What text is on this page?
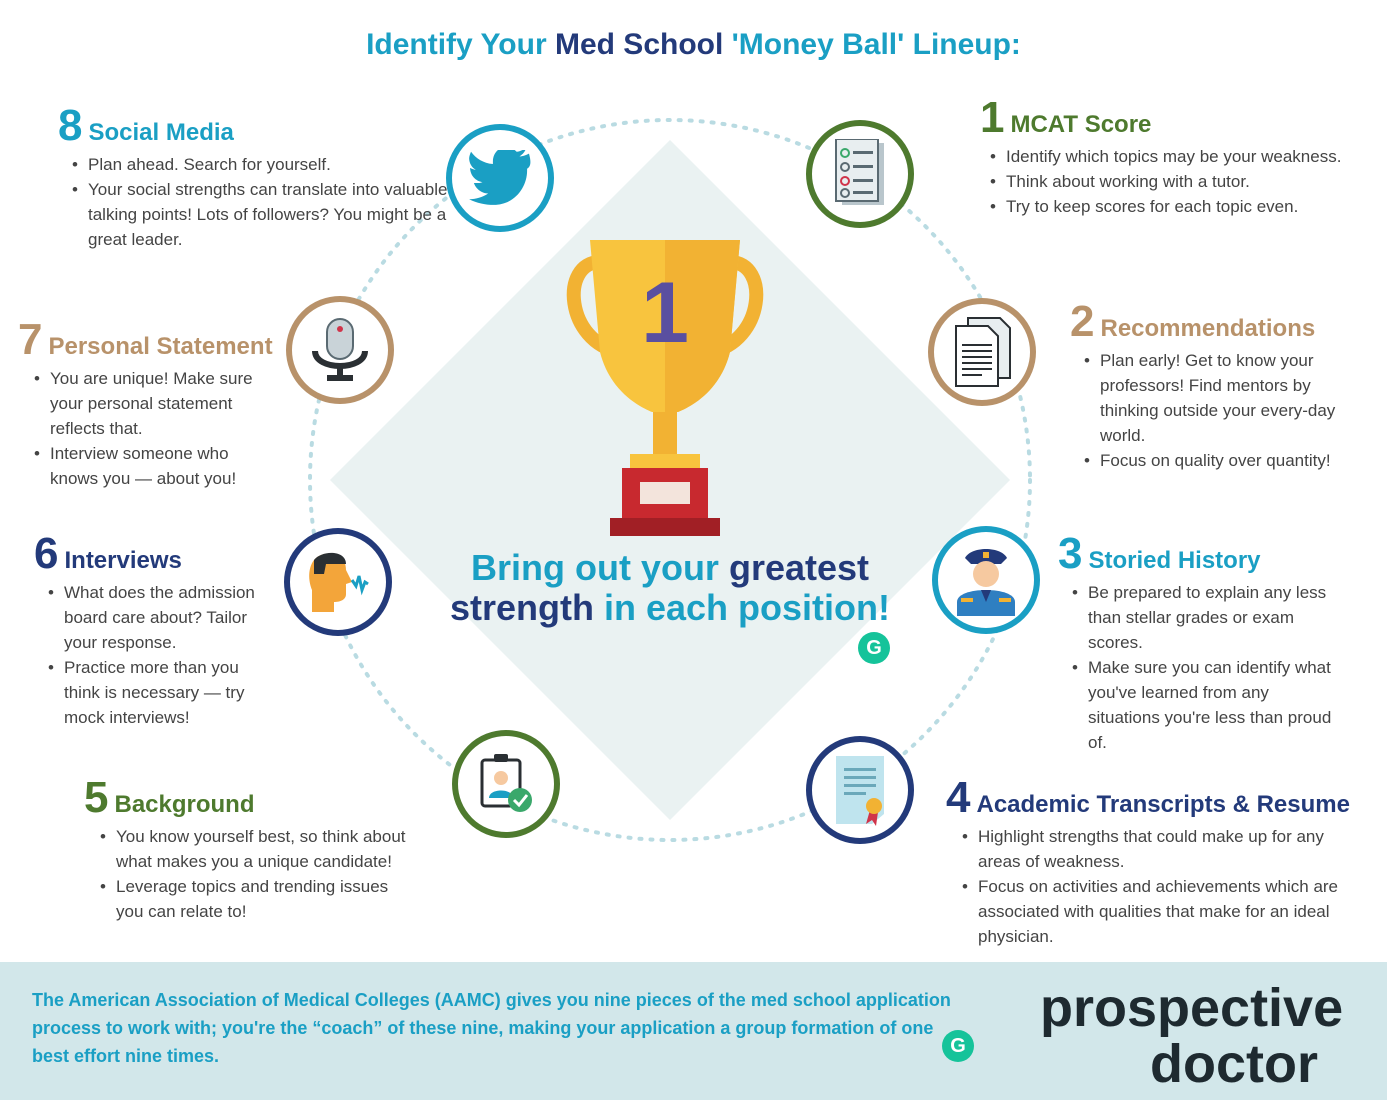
Identify Your Med School 'Money Ball' Lineup:
1
Bring out your greatest strength in each position!
G
8 Social Media
• Plan ahead. Search for yourself.
• Your social strengths can translate into valuable talking points! Lots of followers? You might be a great leader.
1 MCAT Score
• Identify which topics may be your weakness.
• Think about working with a tutor.
• Try to keep scores for each topic even.
7 Personal Statement
• You are unique! Make sure your personal statement reflects that.
• Interview someone who knows you — about you!
2 Recommendations
• Plan early! Get to know your professors! Find mentors by thinking outside your every-day world.
• Focus on quality over quantity!
6 Interviews
• What does the admission board care about? Tailor your response.
• Practice more than you think is necessary — try mock interviews!
3 Storied History
• Be prepared to explain any less than stellar grades or exam scores.
• Make sure you can identify what you've learned from any situations you're less than proud of.
5 Background
• You know yourself best, so think about what makes you a unique candidate!
• Leverage topics and trending issues you can relate to!
4 Academic Transcripts & Resume
• Highlight strengths that could make up for any areas of weakness.
• Focus on activities and achievements which are associated with qualities that make for an ideal physician.
The American Association of Medical Colleges (AAMC) gives you nine pieces of the med school application process to work with; you're the “coach” of these nine, making your application a group formation of one best effort nine times.	G
prospective
doctor
